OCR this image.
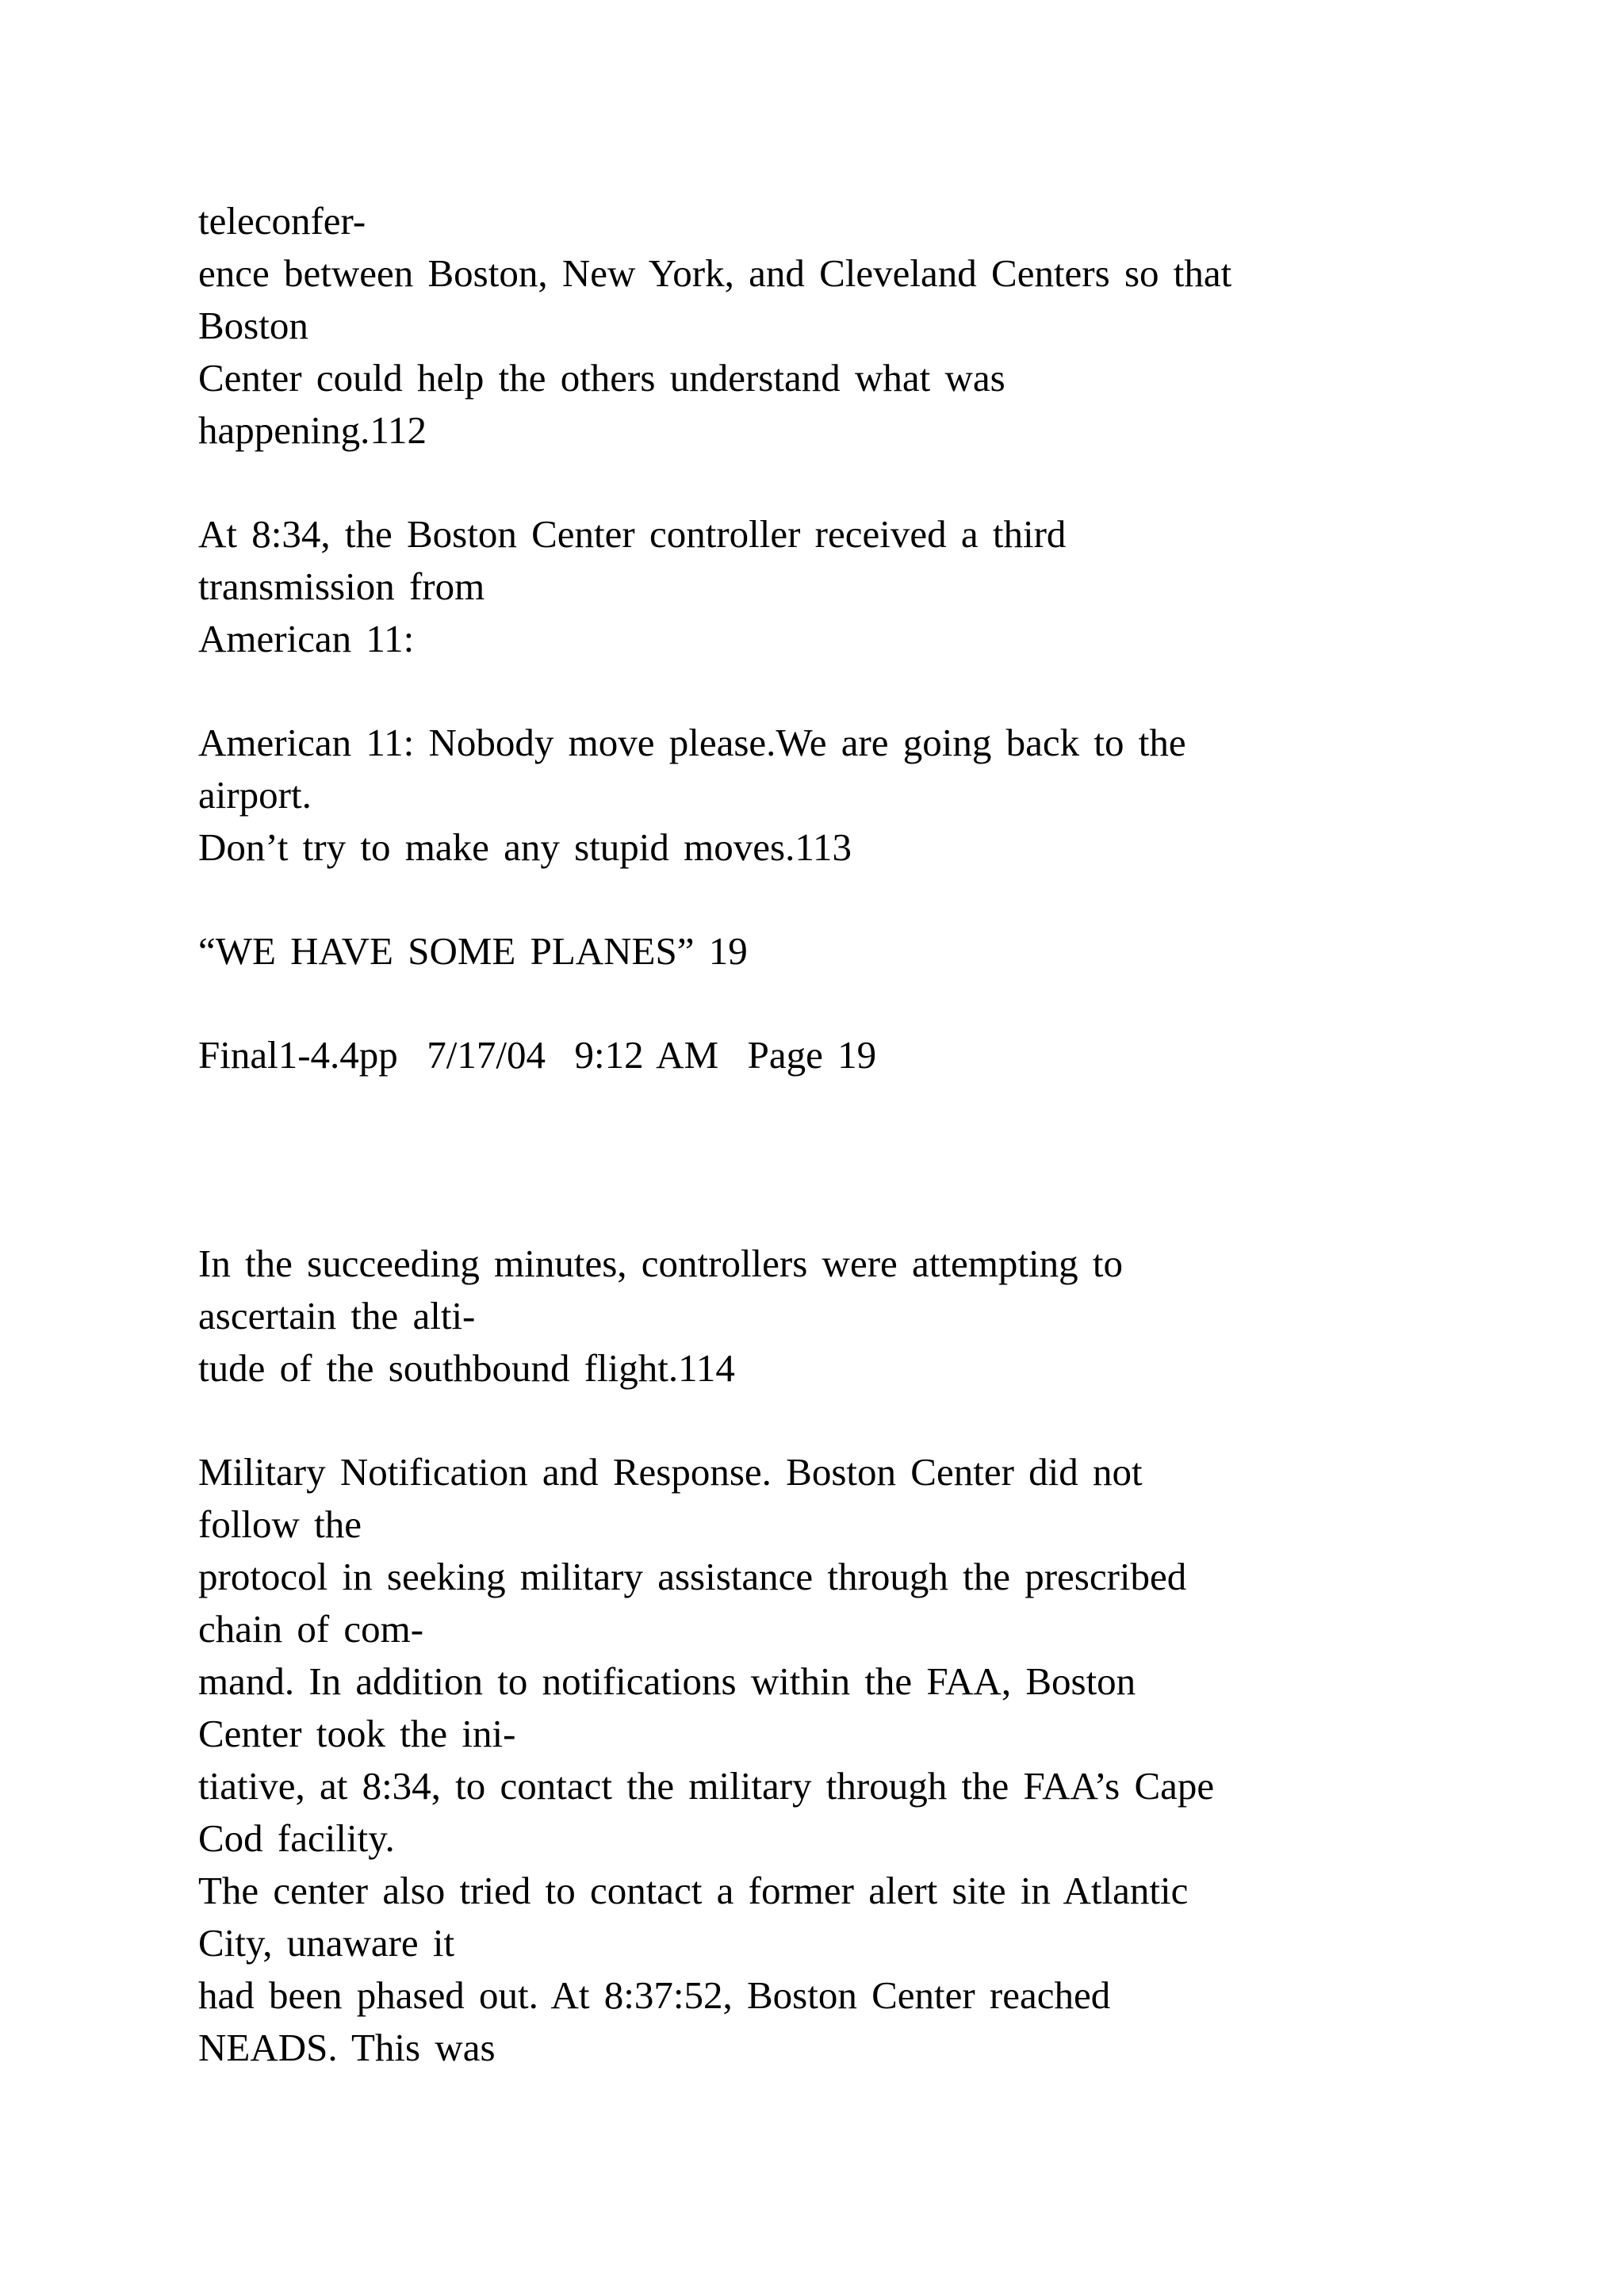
teleconfer-

ence between Boston, New York, and Cleveland Centers so that

Boston

Center could help the others understand what was

happening.112

At 8:34, the Boston Center controller received a third

transmission from

American 11:

American 11: Nobody move please.We are going back to the

airport.

Don’t try to make any stupid moves.113

“WE HAVE SOME PLANES” 19

Final1-4.4pp  7/17/04  9:12 AM  Page 19

In the succeeding minutes, controllers were attempting to

ascertain the alti-

tude of the southbound flight.114

Military Notification and Response. Boston Center did not

follow the

protocol in seeking military assistance through the prescribed

chain of com-

mand. In addition to notifications within the FAA, Boston

Center took the ini-

tiative, at 8:34, to contact the military through the FAA’s Cape

Cod facility.

The center also tried to contact a former alert site in Atlantic

City, unaware it

had been phased out. At 8:37:52, Boston Center reached

NEADS. This was
